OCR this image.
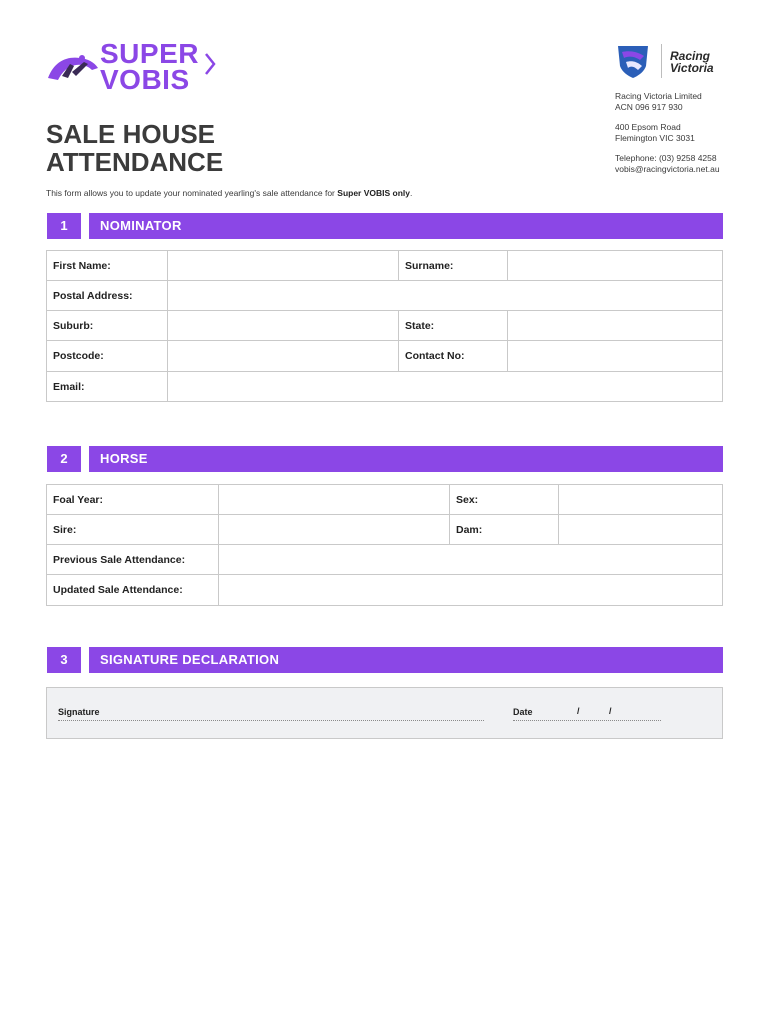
SUPER
VOBIS
Racing
Victoria
Racing Victoria Limited
ACN 096 917 930
400 Epsom Road
Flemington VIC 3031
Telephone: (03) 9258 4258
vobis@racingvictoria.net.au
SALE HOUSE
ATTENDANCE
This form allows you to update your nominated yearling's sale attendance for Super VOBIS only.
1	NOMINATOR
First Name:	Surname:
Postal Address:
Suburb:	State:
Postcode:	Contact No:
Email:
2	HORSE
Foal Year:	Sex:
Sire:	Dam:
Previous Sale Attendance:
Updated Sale Attendance:
3	SIGNATURE DECLARATION
Signature	Date	/	/
